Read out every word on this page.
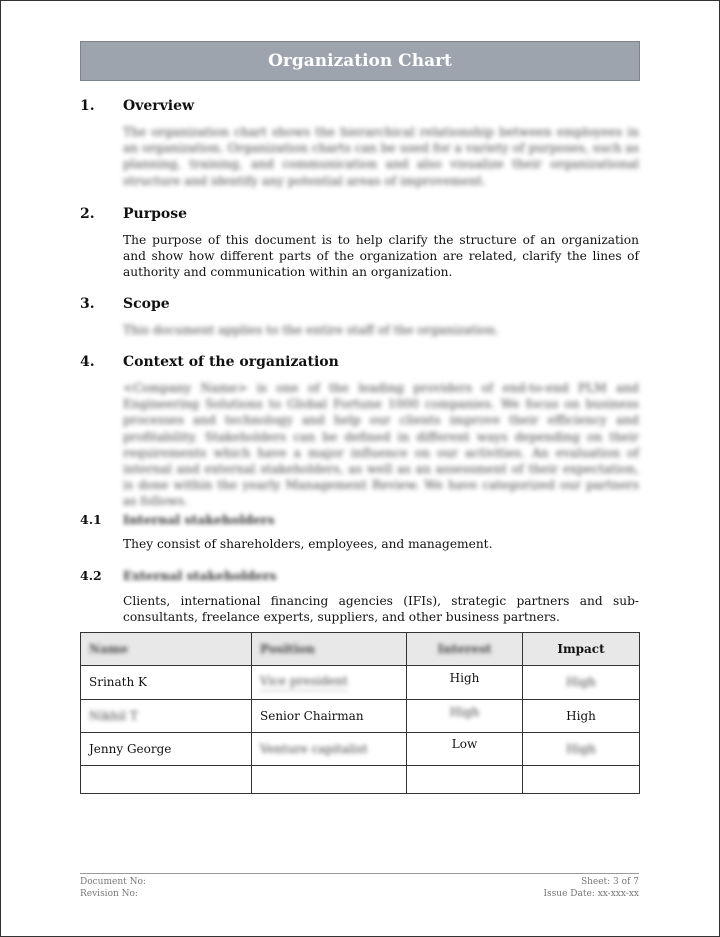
Organization Chart
1. Overview
The organization chart shows the hierarchical relationship between employees in an organization. Organization charts can be used for a variety of purposes, such as planning, training, and communication and also visualize their organizational structure and identify any potential areas of improvement.
2. Purpose
The purpose of this document is to help clarify the structure of an organization and show how different parts of the organization are related, clarify the lines of authority and communication within an organization.
3. Scope
This document applies to the entire staff of the organization.
4. Context of the organization
<Company Name> is one of the leading providers of end-to-end PLM and Engineering Solutions to Global Fortune 1000 companies. We focus on business processes and technology and help our clients improve their efficiency and profitability. Stakeholders can be defined in different ways depending on their requirements which have a major influence on our activities. An evaluation of internal and external stakeholders, as well as an assessment of their expectation, is done within the yearly Management Review. We have categorized our partners as follows.
4.1 Internal stakeholders
They consist of shareholders, employees, and management.
4.2 External stakeholders
Clients, international financing agencies (IFIs), strategic partners and sub-consultants, freelance experts, suppliers, and other business partners.
Name	Position	Interest	Impact
Srinath K	Vice president	High	High
Nikhil T	Senior Chairman	High	High
Jenny George	Venture capitalist	Low	High

Document No:
Revision No:
Sheet: 3 of 7
Issue Date: xx-xxx-xx
